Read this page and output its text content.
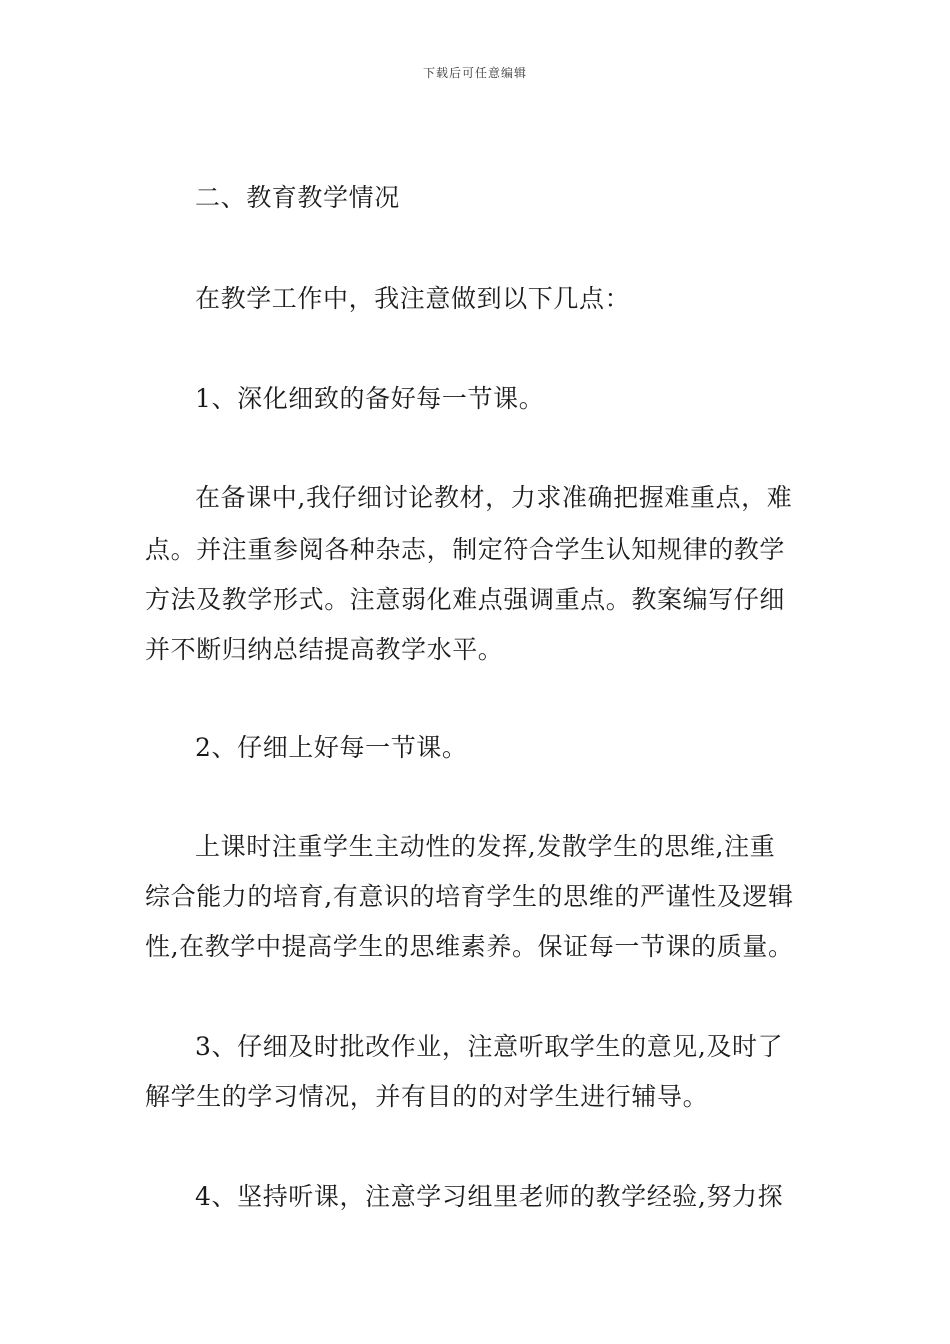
下载后可任意编辑
二、教育教学情况
在教学工作中，我注意做到以下几点：
1、深化细致的备好每一节课。
在备课中,我仔细讨论教材，力求准确把握难重点，难
点。并注重参阅各种杂志，制定符合学生认知规律的教学
方法及教学形式。注意弱化难点强调重点。教案编写仔细
并不断归纳总结提高教学水平。
2、仔细上好每一节课。
上课时注重学生主动性的发挥,发散学生的思维,注重
综合能力的培育,有意识的培育学生的思维的严谨性及逻辑
性,在教学中提高学生的思维素养。保证每一节课的质量。
3、仔细及时批改作业，注意听取学生的意见,及时了
解学生的学习情况，并有目的的对学生进行辅导。
4、坚持听课，注意学习组里老师的教学经验,努力探
